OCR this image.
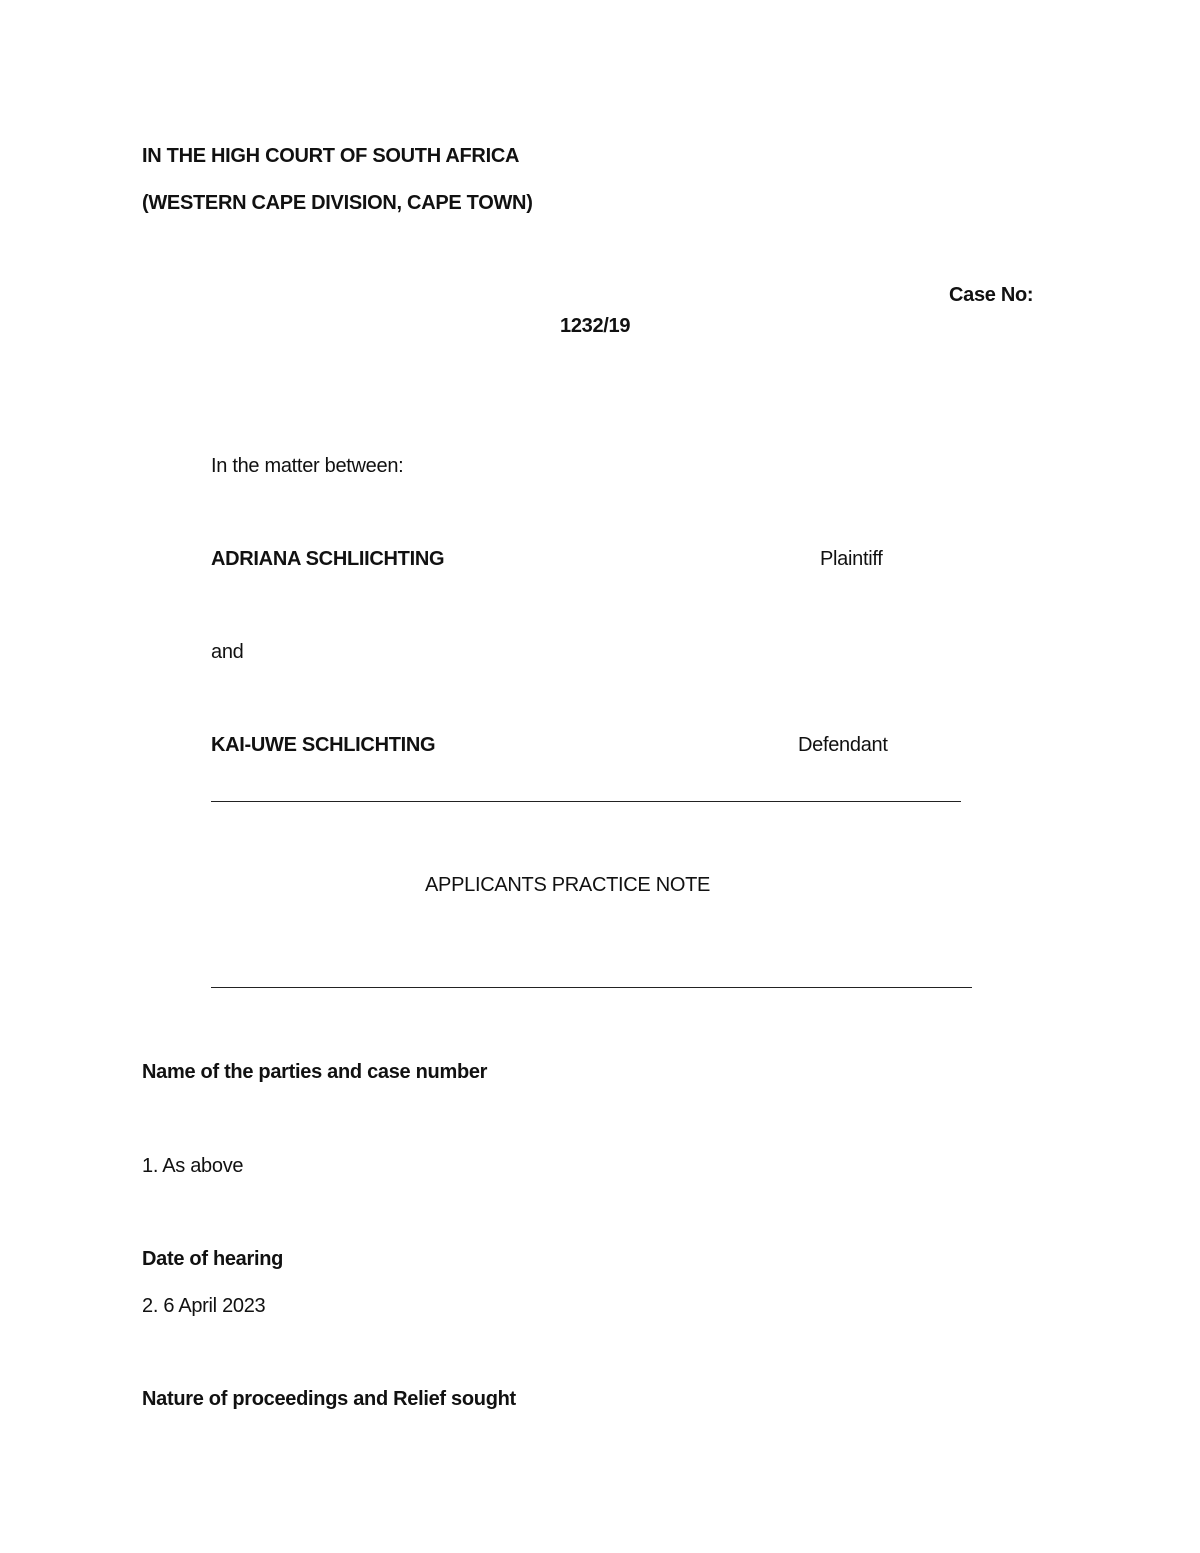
IN THE HIGH COURT OF SOUTH AFRICA
(WESTERN CAPE DIVISION, CAPE TOWN)
Case No:
1232/19
In the matter between:
ADRIANA SCHLIICHTING	Plaintiff
and
KAI-UWE SCHLICHTING	Defendant
APPLICANTS PRACTICE NOTE
Name of the parties and case number
1. As above
Date of hearing
2. 6 April 2023
Nature of proceedings and Relief sought
